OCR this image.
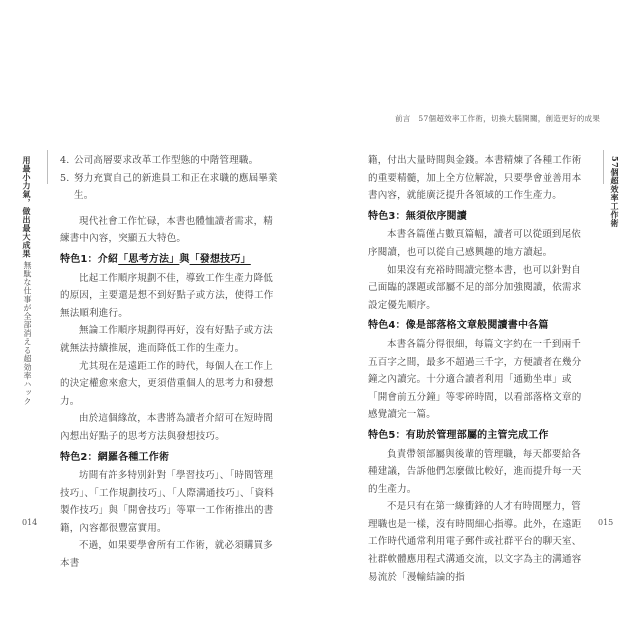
用最小力氣，做出最大成果 無駄な仕事が全部消える超効率ハック
4. 公司高層要求改革工作型態的中階管理職。
5. 努力充實自己的新進員工和正在求職的應屆畢業生。

現代社會工作忙碌，本書也體恤讀者需求，精練書中內容，突顯五大特色。

特色1：介紹「思考方法」與「發想技巧」

比起工作順序規劃不佳，導致工作生產力降低的原因，主要還是想不到好點子或方法，使得工作無法順利進行。

無論工作順序規劃得再好，沒有好點子或方法就無法持續推展，進而降低工作的生產力。

尤其現在是遠距工作的時代，每個人在工作上的決定權愈來愈大，更須借重個人的思考力和發想力。

由於這個緣故，本書將為讀者介紹可在短時間內想出好點子的思考方法與發想技巧。

特色2：網羅各種工作術

坊間有許多特別針對「學習技巧」、「時間管理技巧」、「工作規劃技巧」、「人際溝通技巧」、「資料製作技巧」與「開會技巧」等單一工作術推出的書籍，內容都很豐富實用。

不過，如果要學會所有工作術，就必須購買多本書

014
前言　57個超效率工作術，切換大腦開關，創造更好的成果
57個超效率工作術

籍，付出大量時間與金錢。本書精煉了各種工作術的重要精髓，加上全方位解說，只要學會並善用本書內容，就能廣泛提升各領域的工作生產力。

特色3：無須依序閱讀

本書各篇僅占數頁篇幅，讀者可以從頭到尾依序閱讀，也可以從自己感興趣的地方讀起。

如果沒有充裕時間讀完整本書，也可以針對自己面臨的課題或部屬不足的部分加強閱讀，依需求設定優先順序。

特色4：像是部落格文章般閱讀書中各篇

本書各篇分得很細，每篇文字約在一千到兩千五百字之間，最多不超過三千字，方便讀者在幾分鐘之內讀完。十分適合讀者利用「通勤坐車」或「開會前五分鐘」等零碎時間，以看部落格文章的感覺讀完一篇。

特色5：有助於管理部屬的主管完成工作

負責帶領部屬與後輩的管理職，每天都要給各種建議，告訴他們怎麼做比較好，進而提升每一天的生產力。

不是只有在第一線衝鋒的人才有時間壓力，管理職也是一樣，沒有時間細心指導。此外，在遠距工作時代通常利用電子郵件或社群平台的聊天室、社群軟體應用程式溝通交流，以文字為主的溝通容易流於「漫輸結論的指

015
